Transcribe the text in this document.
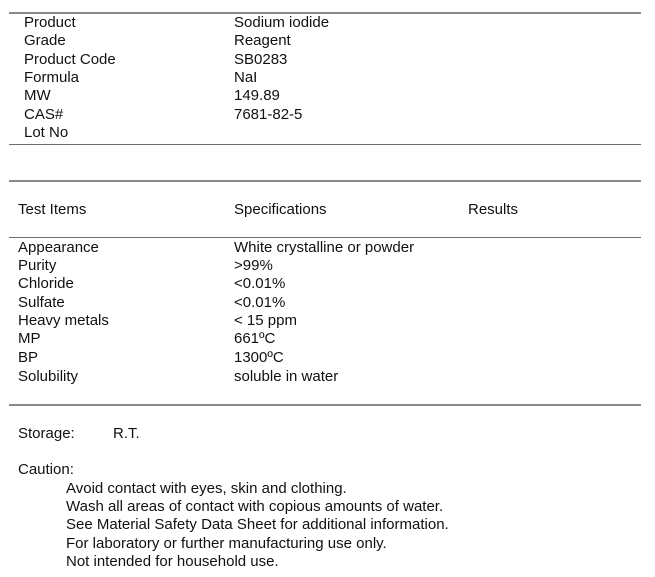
Product	Sodium iodide
Grade	Reagent
Product Code	SB0283
Formula	NaI
MW	149.89
CAS#	7681-82-5
Lot No
Test Items	Specifications	Results
Appearance	White crystalline or powder
Purity	>99%
Chloride	<0.01%
Sulfate	<0.01%
Heavy metals	< 15 ppm
MP	661ºC
BP	1300ºC
Solubility	soluble in water
Storage:	R.T.
Caution:
Avoid contact with eyes, skin and clothing.
Wash all areas of contact with copious amounts of water.
See Material Safety Data Sheet for additional information.
For laboratory or further manufacturing use only.
Not intended for household use.
